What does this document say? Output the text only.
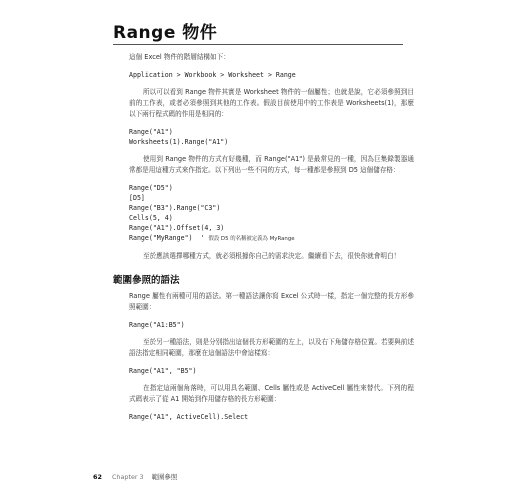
Range 物件

這個 Excel 物件的階層結構如下：

Application > Workbook > Worksheet > Range

所以可以看到 Range 物件其實是 Worksheet 物件的一個屬性；也就是說，它必須參照到目前的工作表，或者必須參照到其他的工作表。假設目前使用中的工作表是 Worksheets(1)，那麼以下兩行程式碼的作用是相同的：

Range("A1")
Worksheets(1).Range("A1")

使用到 Range 物件的方式有好幾種，而 Range("A1") 是最常見的一種，因為巨集錄製器通常都是用這種方式來作指定。以下列出一些不同的方式，每一種都是參照到 D5 這個儲存格：

Range("D5")
[D5]
Range("B3").Range("C3")
Cells(5, 4)
Range("A1").Offset(4, 3)
Range("MyRange")  ' 假設 D5 的名稱被定義為 MyRange

至於應該選擇哪種方式，就必須根據你自己的需求決定。繼續看下去，很快你就會明白！

範圍參照的語法

Range 屬性有兩種可用的語法。第一種語法讓你寫 Excel 公式時一樣，指定一個完整的長方形參照範圍：

Range("A1:B5")

至於另一種語法，則是分別指出這個長方形範圍的左上，以及右下角儲存格位置。若要與前述語法指定相同範圍，那麼在這個語法中會這樣寫：

Range("A1", "B5")

在指定這兩個角落時，可以用具名範圍、Cells 屬性或是 ActiveCell 屬性來替代。下列的程式碼表示了從 A1 開始到作用儲存格的長方形範圍：

Range("A1", ActiveCell).Select
62 Chapter 3 範圍參照
